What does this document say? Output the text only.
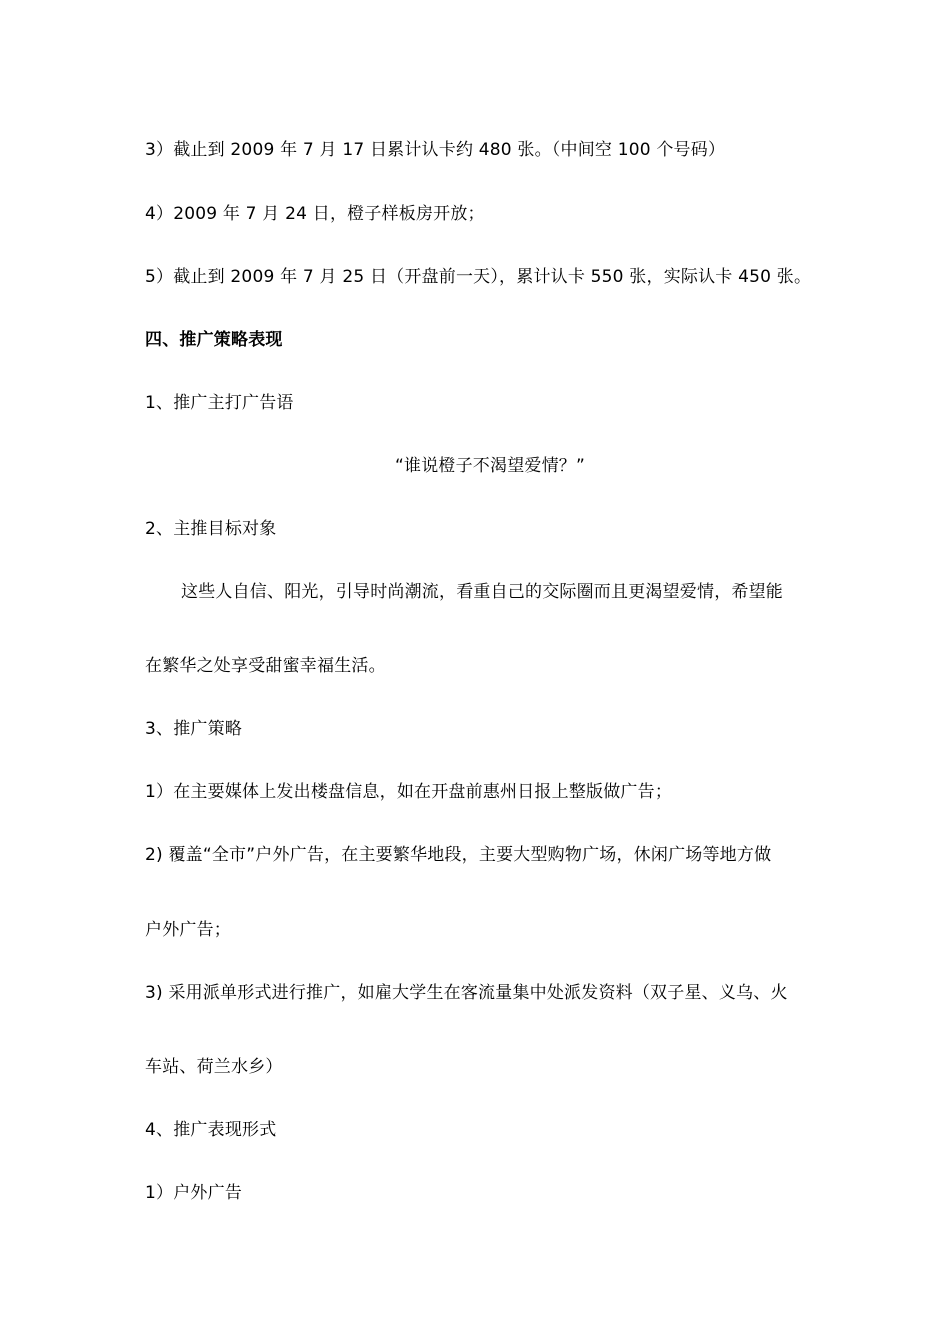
3）截止到 2009 年 7 月 17 日累计认卡约 480 张。（中间空 100 个号码）
4）2009 年 7 月 24 日，橙子样板房开放；
5）截止到 2009 年 7 月 25 日（开盘前一天），累计认卡 550 张，实际认卡 450 张。
四、推广策略表现
1、推广主打广告语
“谁说橙子不渴望爱情？”
2、主推目标对象
这些人自信、阳光，引导时尚潮流，看重自己的交际圈而且更渴望爱情，希望能
在繁华之处享受甜蜜幸福生活。
3、推广策略
1）在主要媒体上发出楼盘信息，如在开盘前惠州日报上整版做广告；
2) 覆盖“全市”户外广告，在主要繁华地段，主要大型购物广场，休闲广场等地方做
户外广告；
3) 采用派单形式进行推广，如雇大学生在客流量集中处派发资料（双子星、义乌、火
车站、荷兰水乡）
4、推广表现形式
1）户外广告
